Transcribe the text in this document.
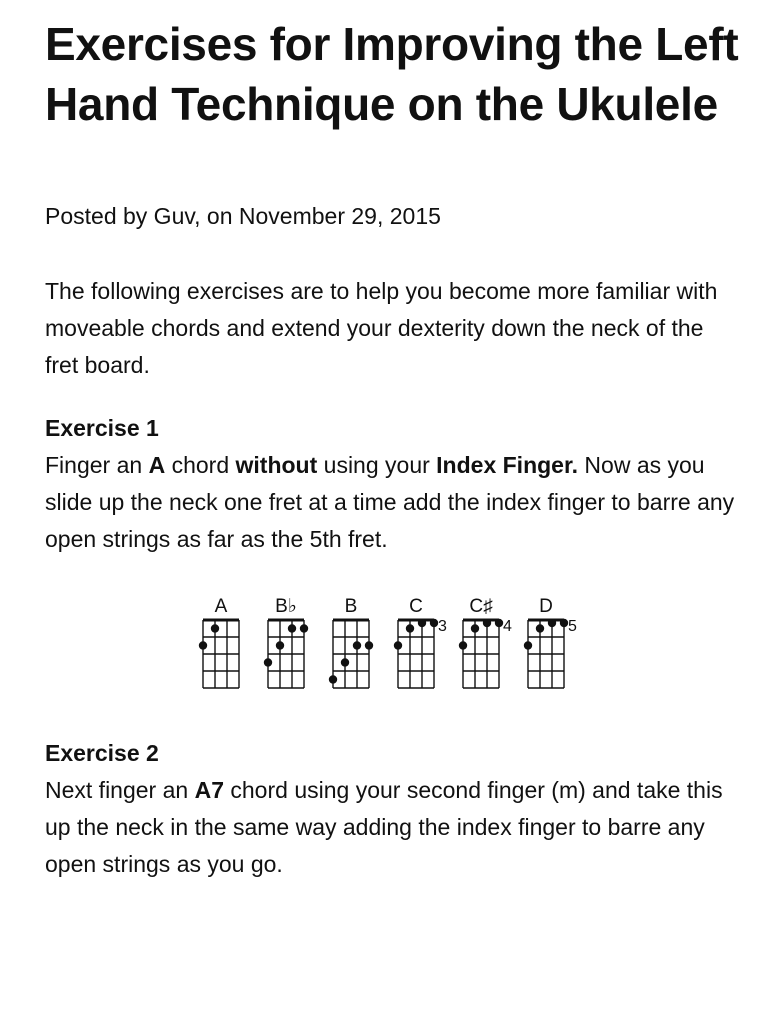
Exercises for Improving the Left Hand Technique on the Ukulele
Posted by Guv, on November 29, 2015

The following exercises are to help you become more familiar with moveable chords and extend your dexterity down the neck of the fret board.

Exercise 1

Finger an A chord without using your Index Finger. Now as you slide up the neck one fret at a time add the index finger to barre any open strings as far as the 5th fret.

A	B♭	B	C
3
C♯
4
D
5
Exercise 2

Next finger an A7 chord using your second finger (m) and take this up the neck in the same way adding the index finger to barre any open strings as you go.
